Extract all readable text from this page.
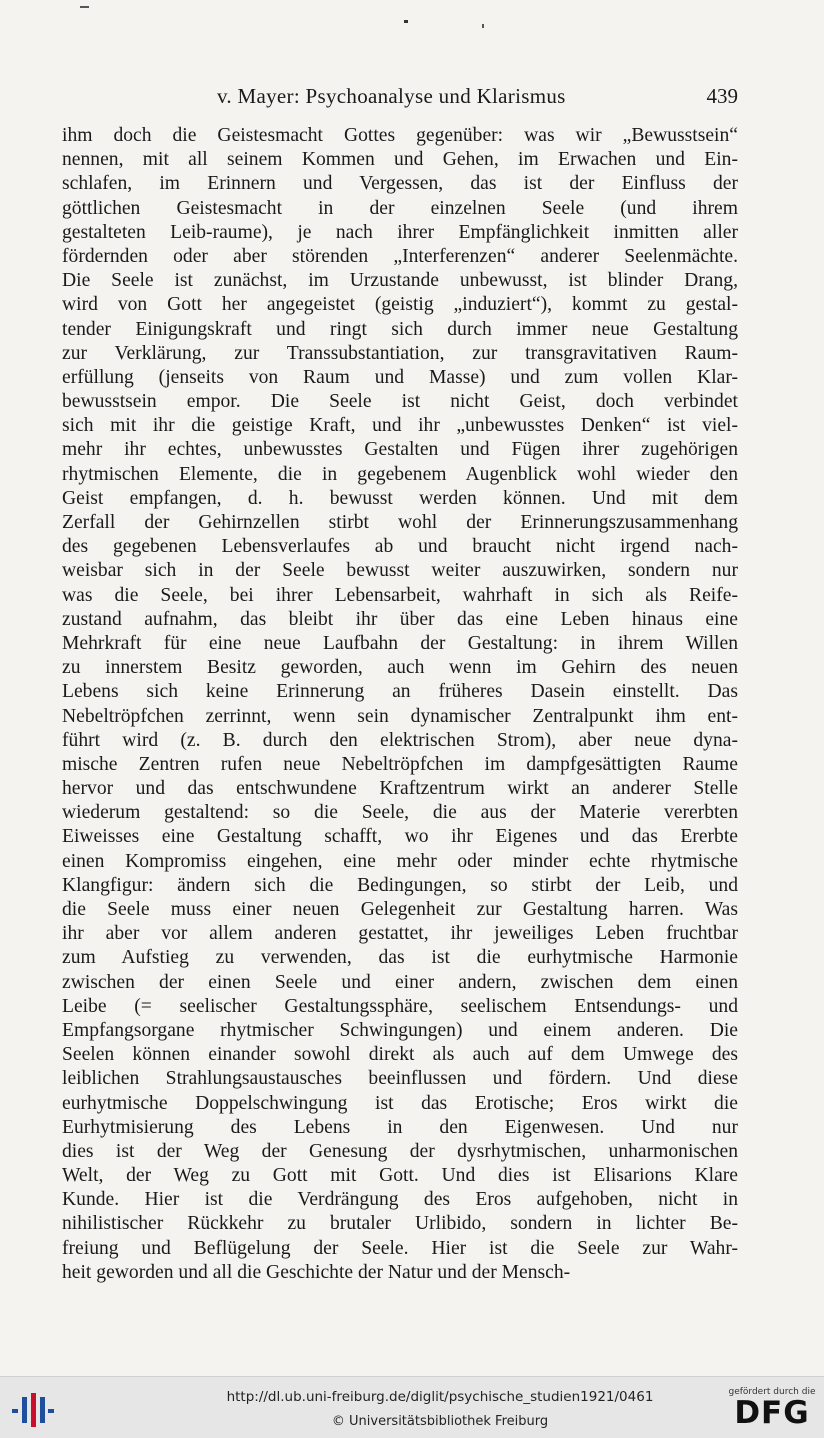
v. Mayer: Psychoanalyse und Klarismus	439
ihm doch die Geistesmacht Gottes gegenüber: was wir „Bewusstsein“
nennen, mit all seinem Kommen und Gehen, im Erwachen und Ein-
schlafen, im Erinnern und Vergessen, das ist der Einfluss der
göttlichen Geistesmacht in der einzelnen Seele (und ihrem
gestalteten Leib-raume), je nach ihrer Empfänglichkeit inmitten aller
fördernden oder aber störenden „Interferenzen“ anderer Seelenmächte.
Die Seele ist zunächst, im Urzustande unbewusst, ist blinder Drang,
wird von Gott her angegeistet (geistig „induziert“), kommt zu gestal-
tender Einigungskraft und ringt sich durch immer neue Gestaltung
zur Verklärung, zur Transsubstantiation, zur transgravitativen Raum-
erfüllung (jenseits von Raum und Masse) und zum vollen Klar-
bewusstsein empor. Die Seele ist nicht Geist, doch verbindet
sich mit ihr die geistige Kraft, und ihr „unbewusstes Denken“ ist viel-
mehr ihr echtes, unbewusstes Gestalten und Fügen ihrer zugehörigen
rhytmischen Elemente, die in gegebenem Augenblick wohl wieder den
Geist empfangen, d. h. bewusst werden können. Und mit dem
Zerfall der Gehirnzellen stirbt wohl der Erinnerungszusammenhang
des gegebenen Lebensverlaufes ab und braucht nicht irgend nach-
weisbar sich in der Seele bewusst weiter auszuwirken, sondern nur
was die Seele, bei ihrer Lebensarbeit, wahrhaft in sich als Reife-
zustand aufnahm, das bleibt ihr über das eine Leben hinaus eine
Mehrkraft für eine neue Laufbahn der Gestaltung: in ihrem Willen
zu innerstem Besitz geworden, auch wenn im Gehirn des neuen
Lebens sich keine Erinnerung an früheres Dasein einstellt. Das
Nebeltröpfchen zerrinnt, wenn sein dynamischer Zentralpunkt ihm ent-
führt wird (z. B. durch den elektrischen Strom), aber neue dyna-
mische Zentren rufen neue Nebeltröpfchen im dampfgesättigten Raume
hervor und das entschwundene Kraftzentrum wirkt an anderer Stelle
wiederum gestaltend: so die Seele, die aus der Materie vererbten
Eiweisses eine Gestaltung schafft, wo ihr Eigenes und das Ererbte
einen Kompromiss eingehen, eine mehr oder minder echte rhytmische
Klangfigur: ändern sich die Bedingungen, so stirbt der Leib, und
die Seele muss einer neuen Gelegenheit zur Gestaltung harren. Was
ihr aber vor allem anderen gestattet, ihr jeweiliges Leben fruchtbar
zum Aufstieg zu verwenden, das ist die eurhytmische Harmonie
zwischen der einen Seele und einer andern, zwischen dem einen
Leibe (= seelischer Gestaltungssphäre, seelischem Entsendungs- und
Empfangsorgane rhytmischer Schwingungen) und einem anderen. Die
Seelen können einander sowohl direkt als auch auf dem Umwege des
leiblichen Strahlungsaustausches beeinflussen und fördern. Und diese
eurhytmische Doppelschwingung ist das Erotische; Eros wirkt die
Eurhytmisierung des Lebens in den Eigenwesen. Und nur
dies ist der Weg der Genesung der dysrhytmischen, unharmonischen
Welt, der Weg zu Gott mit Gott. Und dies ist Elisarions Klare
Kunde. Hier ist die Verdrängung des Eros aufgehoben, nicht in
nihilistischer Rückkehr zu brutaler Urlibido, sondern in lichter Be-
freiung und Beflügelung der Seele. Hier ist die Seele zur Wahr-
heit geworden und all die Geschichte der Natur und der Mensch-
http://dl.ub.uni-freiburg.de/diglit/psychische_studien1921/0461
© Universitätsbibliothek Freiburg
gefördert durch die
DFG
